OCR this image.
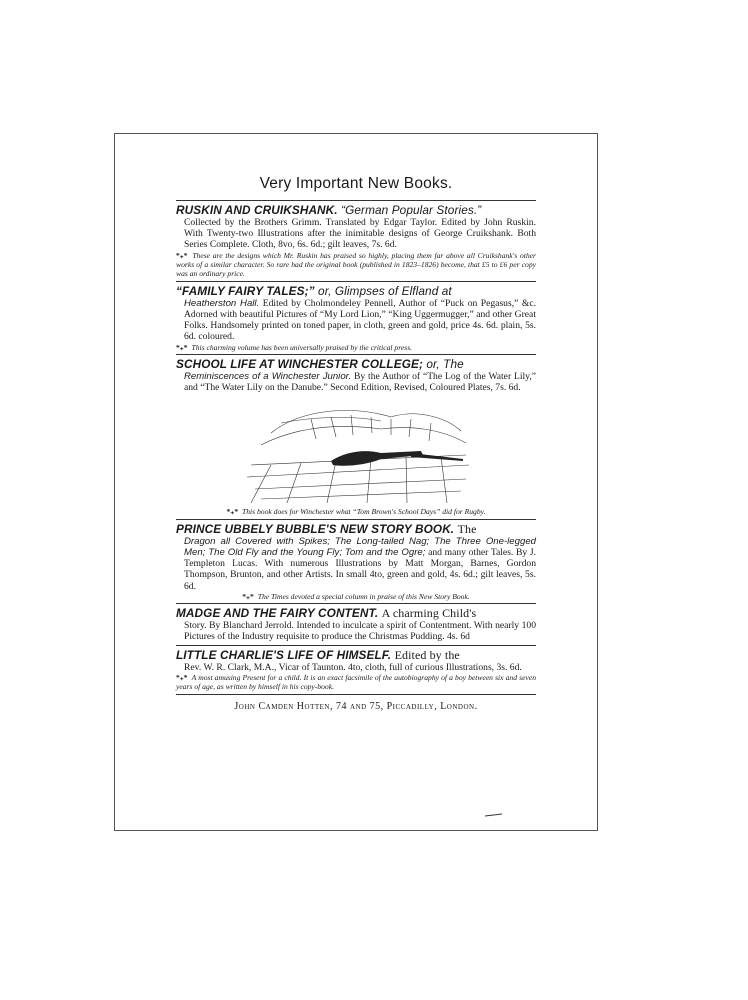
Very Important New Books.
RUSKIN AND CRUIKSHANK. “German Popular Stories.”
Collected by the Brothers Grimm. Translated by Edgar Taylor. Edited by John Ruskin. With Twenty-two Illustrations after the inimitable designs of George Cruikshank. Both Series Complete. Cloth, 8vo, 6s. 6d.; gilt leaves, 7s. 6d.
*₊* These are the designs which Mr. Ruskin has praised so highly, placing them far above all Cruikshank's other works of a similar character. So rare had the original book (published in 1823–1826) become, that £5 to £6 per copy was an ordinary price.
“FAMILY FAIRY TALES;” or, Glimpses of Elfland at
Heatherston Hall. Edited by Cholmondeley Pennell, Author of “Puck on Pegasus,” &c. Adorned with beautiful Pictures of “My Lord Lion,” “King Uggermugger,” and other Great Folks. Handsomely printed on toned paper, in cloth, green and gold, price 4s. 6d. plain, 5s. 6d. coloured.
*₊* This charming volume has been universally praised by the critical press.
SCHOOL LIFE AT WINCHESTER COLLEGE; or, The
Reminiscences of a Winchester Junior. By the Author of “The Log of the Water Lily,” and “The Water Lily on the Danube.” Second Edition, Revised, Coloured Plates, 7s. 6d.
*₊* This book does for Winchester what “Tom Brown's School Days” did for Rugby.
PRINCE UBBELY BUBBLE'S NEW STORY BOOK. The
Dragon all Covered with Spikes; The Long-tailed Nag; The Three One-legged Men; The Old Fly and the Young Fly; Tom and the Ogre; and many other Tales. By J. Templeton Lucas. With numerous Illustrations by Matt Morgan, Barnes, Gordon Thompson, Brunton, and other Artists. In small 4to, green and gold, 4s. 6d.; gilt leaves, 5s. 6d.
*₊* The Times devoted a special column in praise of this New Story Book.
MADGE AND THE FAIRY CONTENT. A charming Child's
Story. By Blanchard Jerrold. Intended to inculcate a spirit of Contentment. With nearly 100 Pictures of the Industry requisite to produce the Christmas Pudding. 4s. 6d
LITTLE CHARLIE'S LIFE OF HIMSELF. Edited by the
Rev. W. R. Clark, M.A., Vicar of Taunton. 4to, cloth, full of curious Illustrations, 3s. 6d.
*₊* A most amusing Present for a child. It is an exact facsimile of the autobiography of a boy between six and seven years of age, as written by himself in his copy-book.
John Camden Hotten, 74 and 75, Piccadilly, London.
